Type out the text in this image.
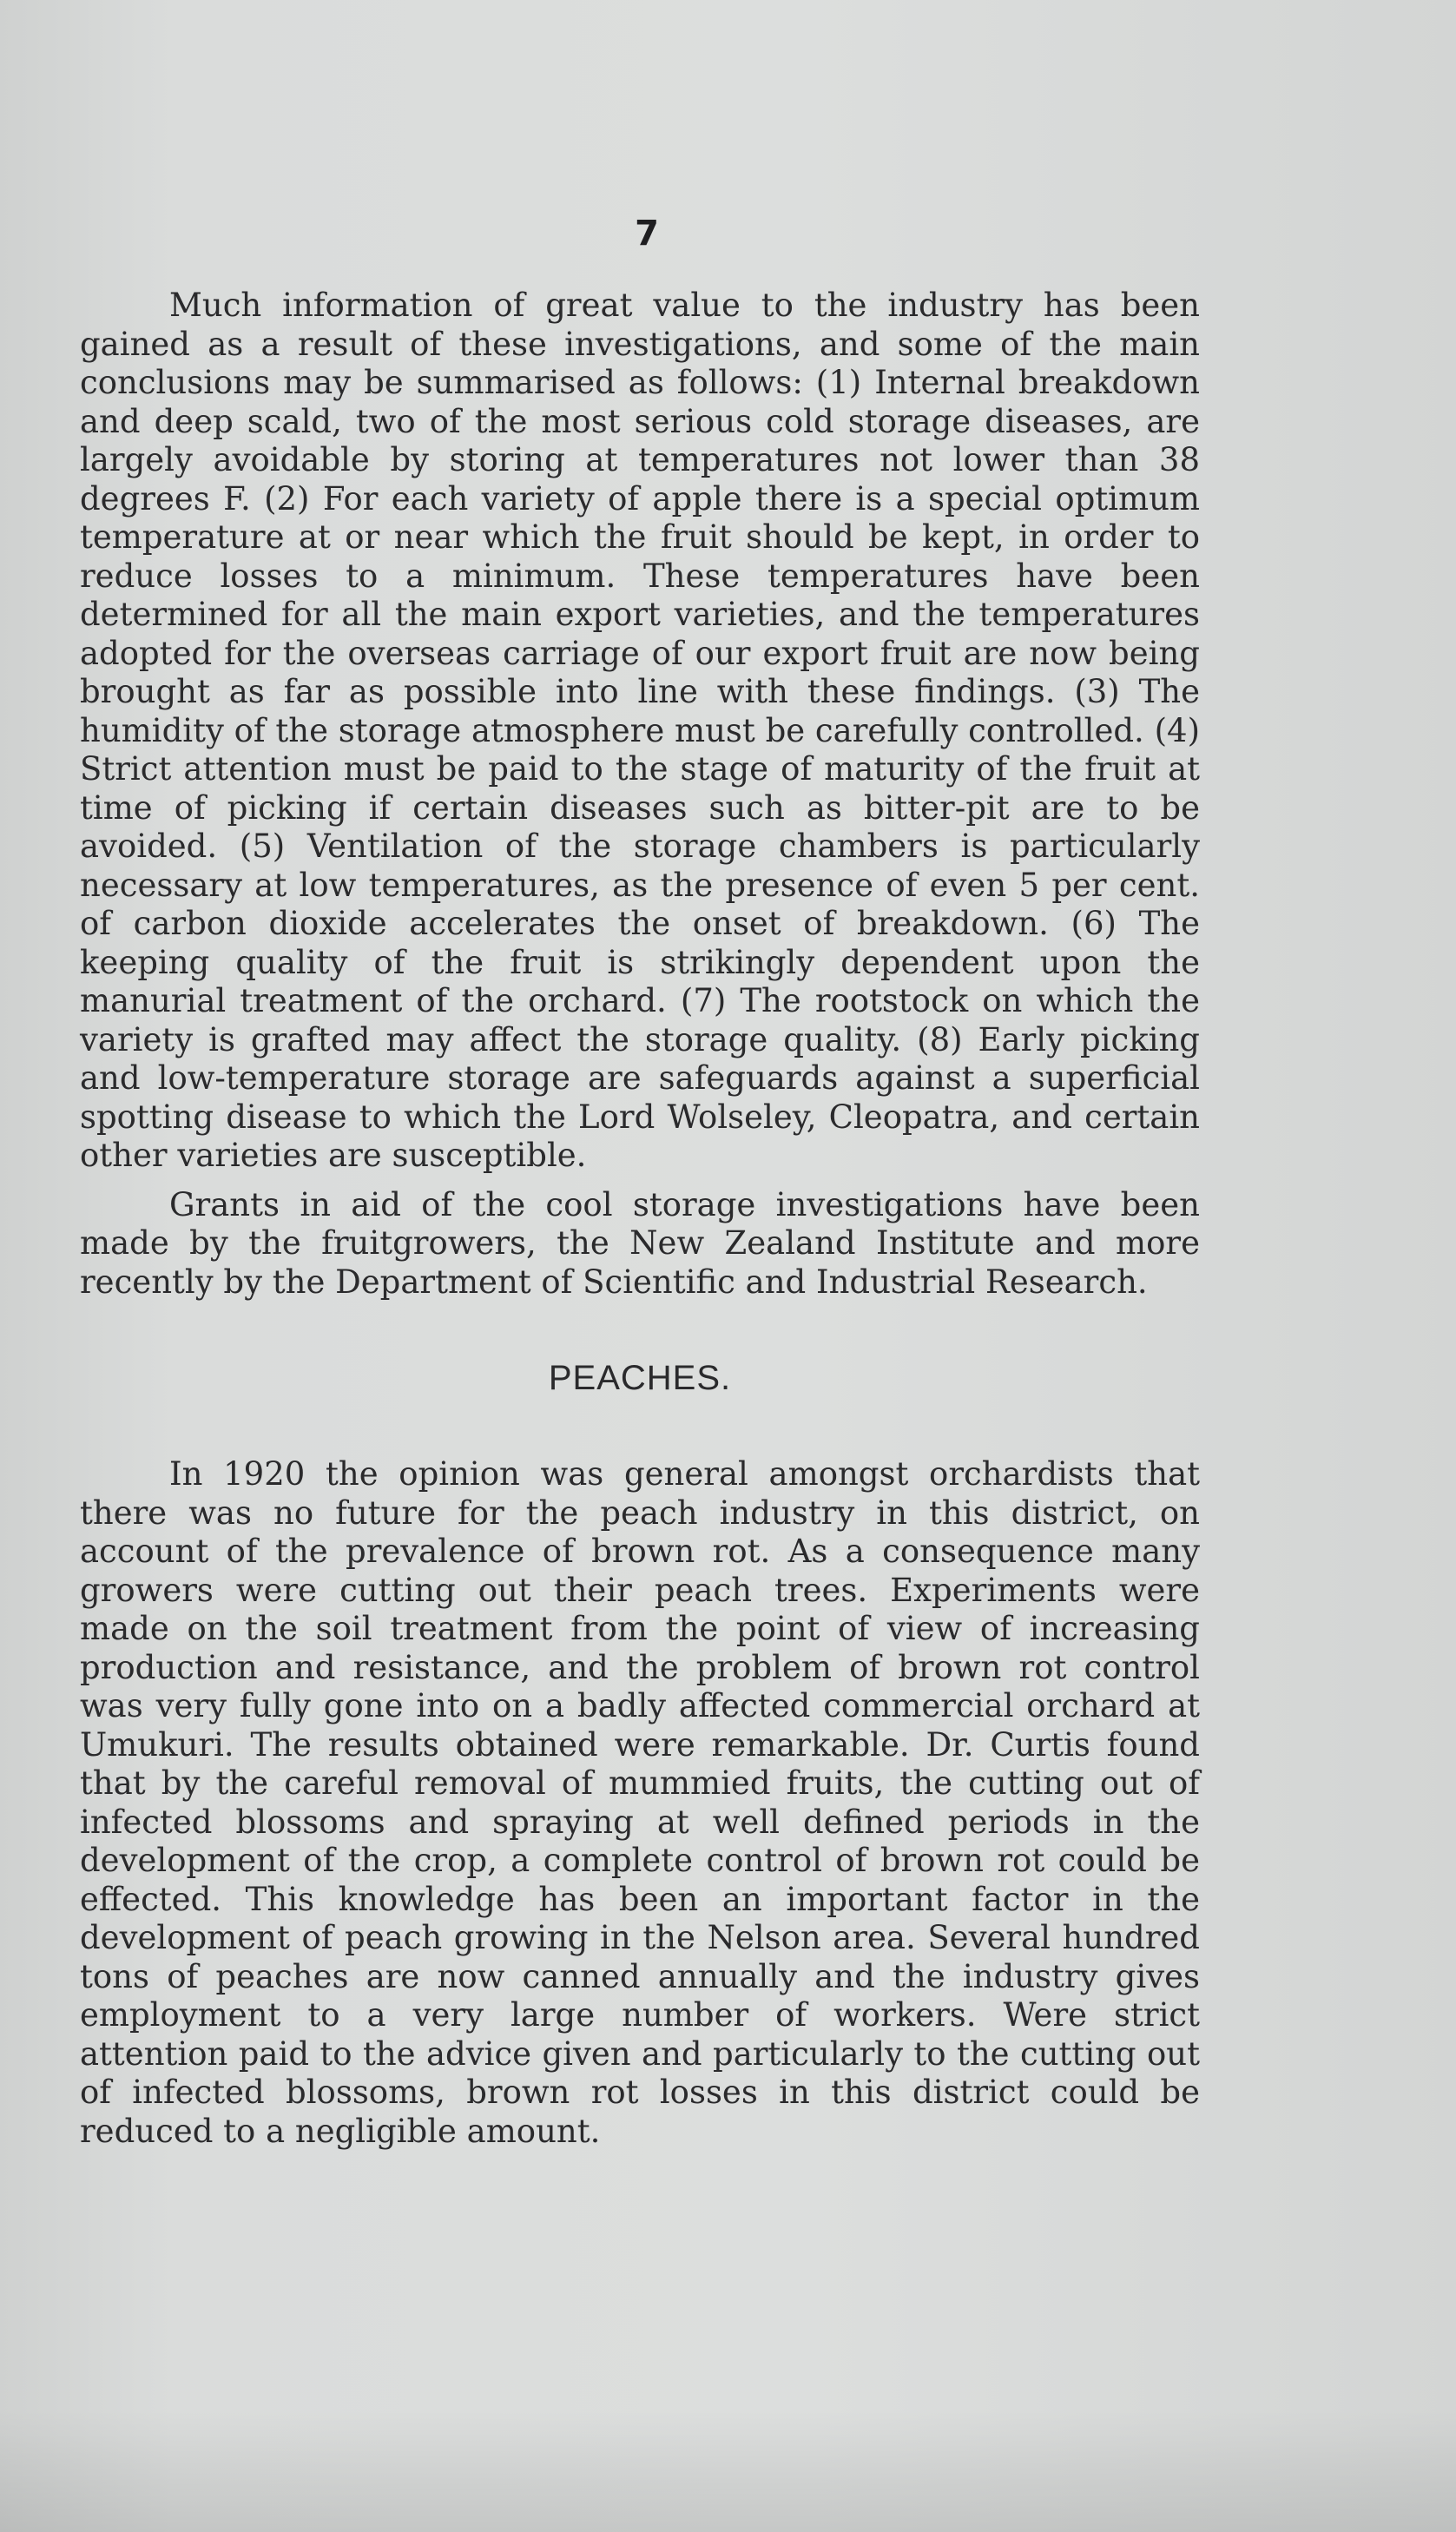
7

Much information of great value to the industry has been gained as a result of these investigations, and some of the main conclusions may be summarised as follows: (1) Internal breakdown and deep scald, two of the most serious cold storage diseases, are largely avoidable by storing at temperatures not lower than 38 degrees F. (2) For each variety of apple there is a special optimum temperature at or near which the fruit should be kept, in order to reduce losses to a minimum. These temperatures have been determined for all the main export varieties, and the temperatures adopted for the overseas carriage of our export fruit are now being brought as far as possible into line with these findings. (3) The humidity of the storage atmosphere must be carefully controlled. (4) Strict attention must be paid to the stage of maturity of the fruit at time of picking if certain diseases such as bitter-pit are to be avoided. (5) Ventilation of the storage chambers is particularly necessary at low temperatures, as the presence of even 5 per cent. of carbon dioxide accelerates the onset of breakdown. (6) The keeping quality of the fruit is strikingly dependent upon the manurial treatment of the orchard. (7) The rootstock on which the variety is grafted may affect the storage quality. (8) Early picking and low-temperature storage are safeguards against a superficial spotting disease to which the Lord Wolseley, Cleopatra, and certain other varieties are susceptible.

Grants in aid of the cool storage investigations have been made by the fruitgrowers, the New Zealand Institute and more recently by the Department of Scientific and Industrial Research.

PEACHES.

In 1920 the opinion was general amongst orchardists that there was no future for the peach industry in this district, on account of the prevalence of brown rot. As a consequence many growers were cutting out their peach trees. Experiments were made on the soil treatment from the point of view of increasing production and resistance, and the problem of brown rot control was very fully gone into on a badly affected commercial orchard at Umukuri. The results obtained were remarkable. Dr. Curtis found that by the careful removal of mummied fruits, the cutting out of infected blossoms and spraying at well defined periods in the development of the crop, a complete control of brown rot could be effected. This knowledge has been an important factor in the development of peach growing in the Nelson area. Several hundred tons of peaches are now canned annually and the industry gives employment to a very large number of workers. Were strict attention paid to the advice given and particularly to the cutting out of infected blossoms, brown rot losses in this district could be reduced to a negligible amount.
